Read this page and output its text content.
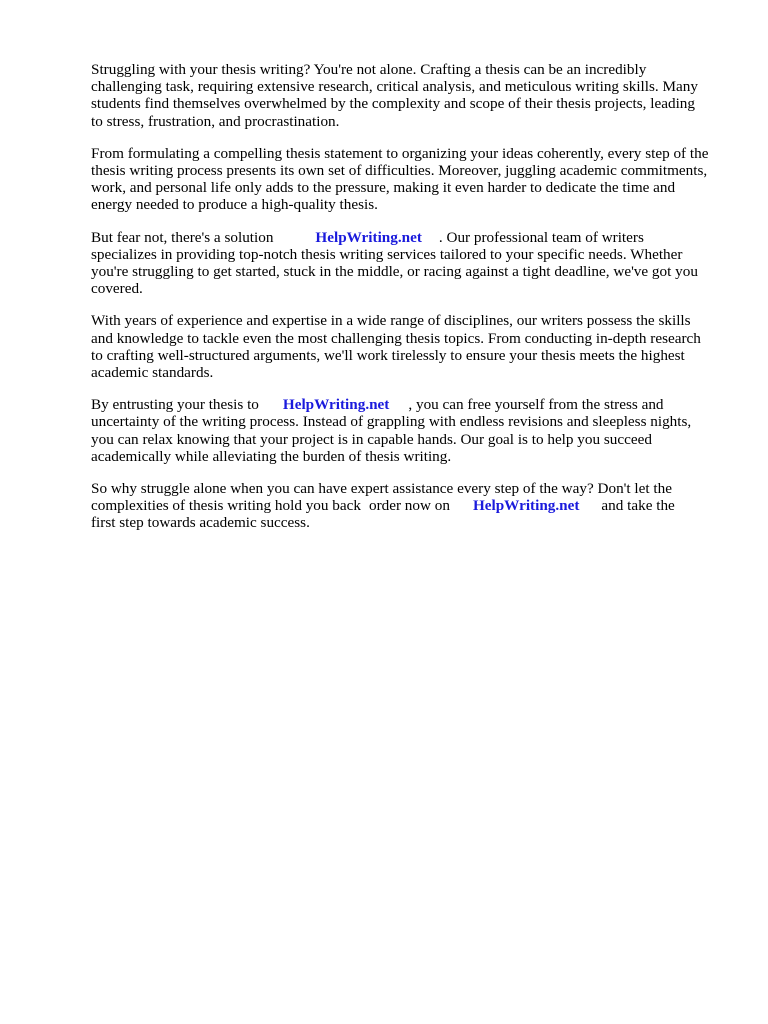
Struggling with your thesis writing? You're not alone. Crafting a thesis can be an incredibly
challenging task, requiring extensive research, critical analysis, and meticulous writing skills. Many
students find themselves overwhelmed by the complexity and scope of their thesis projects, leading
to stress, frustration, and procrastination.

From formulating a compelling thesis statement to organizing your ideas coherently, every step of the
thesis writing process presents its own set of difficulties. Moreover, juggling academic commitments,
work, and personal life only adds to the pressure, making it even harder to dedicate the time and
energy needed to produce a high-quality thesis.

But fear not, there's a solution	HelpWriting.net . Our professional team of writers
specializes in providing top-notch thesis writing services tailored to your specific needs. Whether
you're struggling to get started, stuck in the middle, or racing against a tight deadline, we've got you
covered.

With years of experience and expertise in a wide range of disciplines, our writers possess the skills
and knowledge to tackle even the most challenging thesis topics. From conducting in-depth research
to crafting well-structured arguments, we'll work tirelessly to ensure your thesis meets the highest
academic standards.

By entrusting your thesis to HelpWriting.net , you can free yourself from the stress and
uncertainty of the writing process. Instead of grappling with endless revisions and sleepless nights,
you can relax knowing that your project is in capable hands. Our goal is to help you succeed
academically while alleviating the burden of thesis writing.

So why struggle alone when you can have expert assistance every step of the way? Don't let the
complexities of thesis writing hold you back order now on HelpWriting.net and take the
first step towards academic success.
